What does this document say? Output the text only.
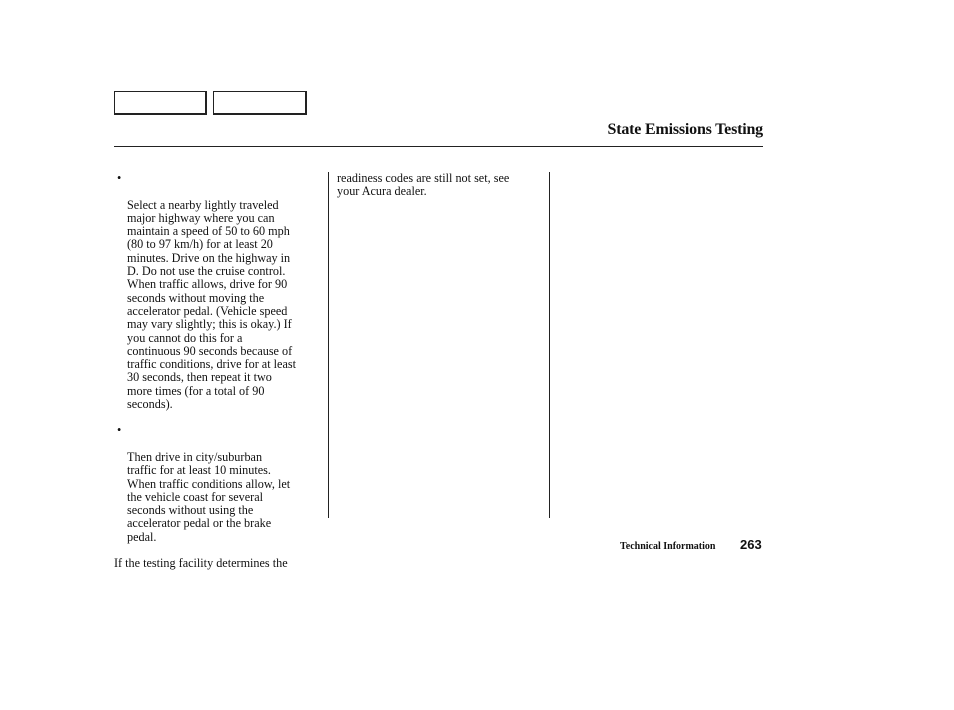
State Emissions Testing

•

Select a nearby lightly traveled
major highway where you can
maintain a speed of 50 to 60 mph
(80 to 97 km/h) for at least 20
minutes. Drive on the highway in
D. Do not use the cruise control.
When traffic allows, drive for 90
seconds without moving the
accelerator pedal. (Vehicle speed
may vary slightly; this is okay.) If
you cannot do this for a
continuous 90 seconds because of
traffic conditions, drive for at least
30 seconds, then repeat it two
more times (for a total of 90
seconds).

•

Then drive in city/suburban
traffic for at least 10 minutes.
When traffic conditions allow, let
the vehicle coast for several
seconds without using the
accelerator pedal or the brake
pedal.

If the testing facility determines the

readiness codes are still not set, see
your Acura dealer.

Technical Information 263
